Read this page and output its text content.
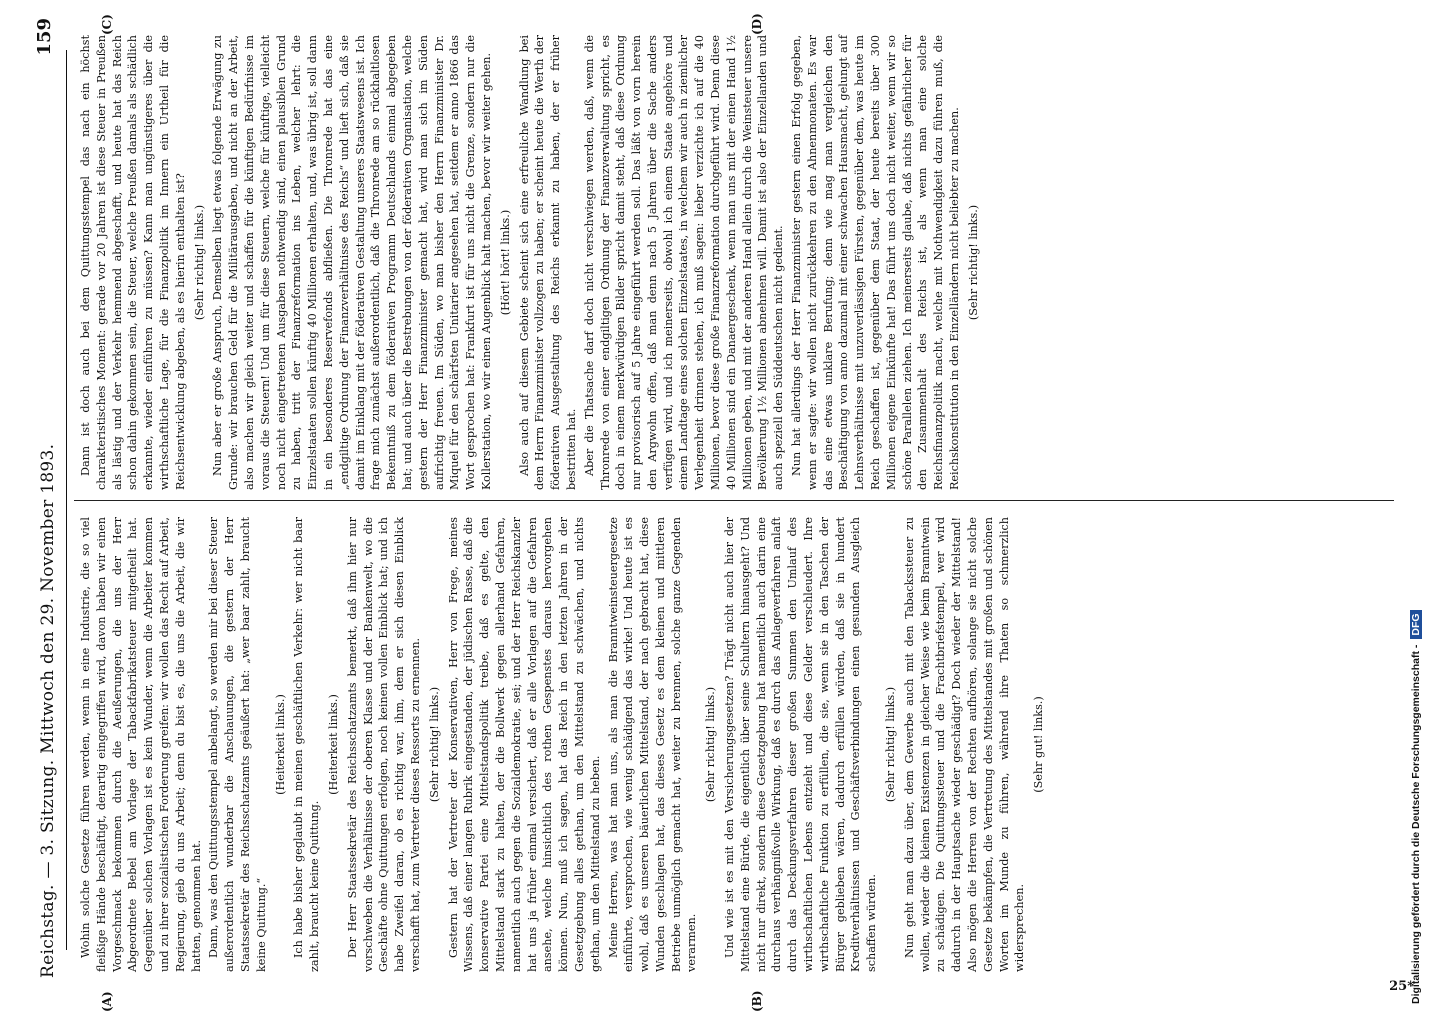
Reichstag. — 3. Sitzung. Mittwoch den 29. November 1893.
159
(A)	(B)
(C)	(D)

Wohin solche Gesetze führen werden, wenn in eine Industrie, die so viel fleißige Hände beschäftigt, derartig eingegriffen wird, davon haben wir einen Vorgeschmack bekommen durch die Aeußerungen, die uns der Herr Abgeordnete Bebel am Vorlage der Tabackfabrikatsteuer mitgetheilt hat. Gegenüber solchen Vorlagen ist es kein Wunder, wenn die Arbeiter kommen und zu ihrer sozialistischen Forderung greifen: wir wollen das Recht auf Arbeit, Regierung, gieb du uns Arbeit; denn du bist es, die uns die Arbeit, die wir hatten, genommen hat. Dann, was den Quittungsstempel anbelangt, so werden mir bei dieser Steuer außerordentlich wunderbar die Anschauungen, die gestern der Herr Staatssekretär des Reichsschatzamts geäußert hat: „wer baar zahlt, braucht keine Quittung.“

(Heiterkeit links.) Ich habe bisher geglaubt in meinen geschäftlichen Verkehr: wer nicht baar zahlt, braucht keine Quittung.

(Heiterkeit links.) Der Herr Staatssekretär des Reichsschatzamts bemerkt, daß ihm hier nur vorschweben die Verhältnisse der oberen Klasse und der Bankenwelt, wo die Geschäfte ohne Quittungen erfolgen, noch keinen vollen Einblick hat; und ich habe Zweifel daran, ob es richtig war, ihm, dem er sich diesen Einblick verschafft hat, zum Vertreter dieses Ressorts zu ernennen. (Sehr richtig! links.) Gestern hat der Vertreter der Konservativen, Herr von Frege, meines Wissens, daß einer langen Rubrik eingestanden, der jüdischen Rasse, daß die konservative Partei eine Mittelstandspolitik treibe, daß es gelte, den Mittelstand stark zu halten, der die Bollwerk gegen allerhand Gefahren, namentlich auch gegen die Sozialdemokratie, sei; und der Herr Reichskanzler hat uns ja früher einmal versichert, daß er alle Vorlagen auf die Gefahren ansehe, welche hinsichtlich des rothen Gespenstes daraus hervorgehen können. Nun, muß ich sagen, hat das Reich in den letzten Jahren in der Gesetzgebung alles gethan, um den Mittelstand zu schwächen, und nichts gethan, um den Mittelstand zu heben. Meine Herren, was hat man uns, als man die Branntweinsteuergesetze einführte, versprochen, wie wenig schädigend das wirke! Und heute ist es wohl, daß es unseren bäuerlichen Mittelstand, der nach gebracht hat, diese Wunden geschlagen hat, das dieses Gesetz es dem kleinen und mittleren Betriebe unmöglich gemacht hat, weiter zu brennen, solche ganze Gegenden verarmen.

(Sehr richtig! links.) Und wie ist es mit den Versicherungsgesetzen? Trägt nicht auch hier der Mittelstand eine Bürde, die eigentlich über seine Schultern hinausgeht? Und nicht nur direkt, sondern diese Gesetzgebung hat namentlich auch darin eine durchaus verhängnißvolle Wirkung, daß es durch das Anlageverfahren anlaft durch das Deckungsverfahren dieser großen Summen den Umlauf des wirthschaftlichen Lebens entzieht und diese Gelder verschleudert. Ihre wirthschaftliche Funktion zu erfüllen, die sie, wenn sie in den Taschen der Bürger geblieben wären, dadurch erfüllen würden, daß sie in hundert Kreditverhältnissen und Geschäftsverbindungen einen gesunden Ausgleich schaffen würden.

(Sehr richtig! links.) Nun geht man dazu über, dem Gewerbe auch mit den Tabackssteuer zu wollen, wieder die kleinen Existenzen in gleicher Weise wie beim Branntwein zu schädigen. Die Quittungssteuer und die Frachtbriefstempel, wer wird dadurch in der Hauptsache wieder geschädigt? Doch wieder der Mittelstand! Also mögen die Herren von der Rechten aufhören, solange sie nicht solche Gesetze bekämpfen, die Vertretung des Mittelstandes mit großen und schönen Worten im Munde zu führen, während ihre Thaten so schmerzlich widersprechen.

(Sehr gut! links.)

Dann ist doch auch bei dem Quittungsstempel das nach ein höchst charakteristisches Moment: gerade vor 20 Jahren ist diese Steuer in Preußen als lästig und der Verkehr hemmend abgeschafft, und heute hat das Reich schon dahin gekommen sein, die Steuer, welche Preußen damals als schädlich erkannte, wieder einführen zu müssen? Kann man ungünstigeres über die wirthschaftliche Lage, für die Finanzpolitik im Innern ein Urtheil für die Reichsentwicklung abgeben, als es hierin enthalten ist? (Sehr richtig! links.) Nun aber er große Anspruch, Demselben liegt etwas folgende Erwägung zu Grunde: wir brauchen Geld für die Militärausgaben, und nicht an der Arbeit, also machen wir gleich weiter und schaffen für die künftigen Bedürfnisse im voraus die Steuern! Und um für diese Steuern, welche für künftige, vielleicht noch nicht eingetretenen Ausgaben nothwendig sind, einen plausiblen Grund zu haben, tritt der Finanzreformation ins Leben, welcher lehrt: die Einzelstaaten sollen künftig 40 Millionen erhalten, und, was übrig ist, soll dann in ein besonderes Reservefonds abfließen. Die Thronrede hat das eine „endgiltige Ordnung der Finanzverhältnisse des Reichs“ und lieft sich, daß sie damit im Einklang mit der föderativen Gestaltung unseres Staatswesens ist. Ich frage mich zunächst außerordentlich, daß die Thronrede am so rückhaltlosen Bekenntniß zu dem föderativen Programm Deutschlands einmal abgegeben hat; und auch über die Bestrebungen von der föderativen Organisation, welche gestern der Herr Finanzminister gemacht hat, wird man sich im Süden aufrichtig freuen. Im Süden, wo man bisher den Herrn Finanzminister Dr. Miquel für den schärfsten Unitarier angesehen hat, seitdem er anno 1866 das Wort gesprochen hat: Frankfurt ist für uns nicht die Grenze, sondern nur die Kollerstation, wo wir einen Augenblick halt machen, bevor wir weiter gehen. (Hört! hört! links.) Also auch auf diesem Gebiete scheint sich eine erfreuliche Wandlung bei dem Herrn Finanzminister vollzogen zu haben; er scheint heute die Werth der föderativen Ausgestaltung des Reichs erkannt zu haben, der er früher bestritten hat. Aber die Thatsache darf doch nicht verschwiegen werden, daß, wenn die Thronrede von einer endgiltigen Ordnung der Finanzverwaltung spricht, es doch in einem merkwürdigen Bilder spricht damit steht, daß diese Ordnung nur provisorisch auf 5 Jahre eingeführt werden soll. Das läßt von vorn herein den Argwohn offen, daß man denn nach 5 Jahren über die Sache anders verfügen wird, und ich meinerseits, obwohl ich einem Staate angehöre und einem Landtage eines solchen Einzelstaates, in welchem wir auch in ziemlicher Verlegenheit drinnen stehen, ich muß sagen: lieber verzichte ich auf die 40 Millionen, bevor diese große Finanzreformation durchgeführt wird. Denn diese 40 Millionen sind ein Danaergeschenk, wenn man uns mit der einen Hand 1½ Millionen geben, und mit der anderen Hand allein durch die Weinsteuer unsere Bevölkerung 1½ Millionen abnehmen will. Damit ist also der Einzellanden und auch speziell den Süddeutschen nicht gedient. Nun hat allerdings der Herr Finanzminister gestern einen Erfolg gegeben, wenn er sagte: wir wollen nicht zurückkehren zu den Ahnenmonaten. Es war das eine etwas unklare Berufung; denn wie mag man vergleichen den Beschäftigung von anno dazumal mit einer schwachen Hausmacht, gelungt auf Lehnsverhältnisse mit unzuverlässigen Fürsten, gegenüber dem, was heute im Reich geschaffen ist, gegenüber dem Staat, der heute bereits über 300 Millionen eigene Einkünfte hat! Das führt uns doch nicht weiter, wenn wir so schöne Parallelen ziehen. Ich meinerseits glaube, daß nichts gefährlicher für den Zusammenhalt des Reichs ist, als wenn man eine solche Reichsfinanzpolitik macht, welche mit Nothwendigkeit dazu führen muß, die Reichskonstitution in den Einzelländern nicht beliebter zu machen. (Sehr richtig! links.)

25*
Digitalisierung gefördert durch die Deutsche Forschungsgemeinschaft -DFG
